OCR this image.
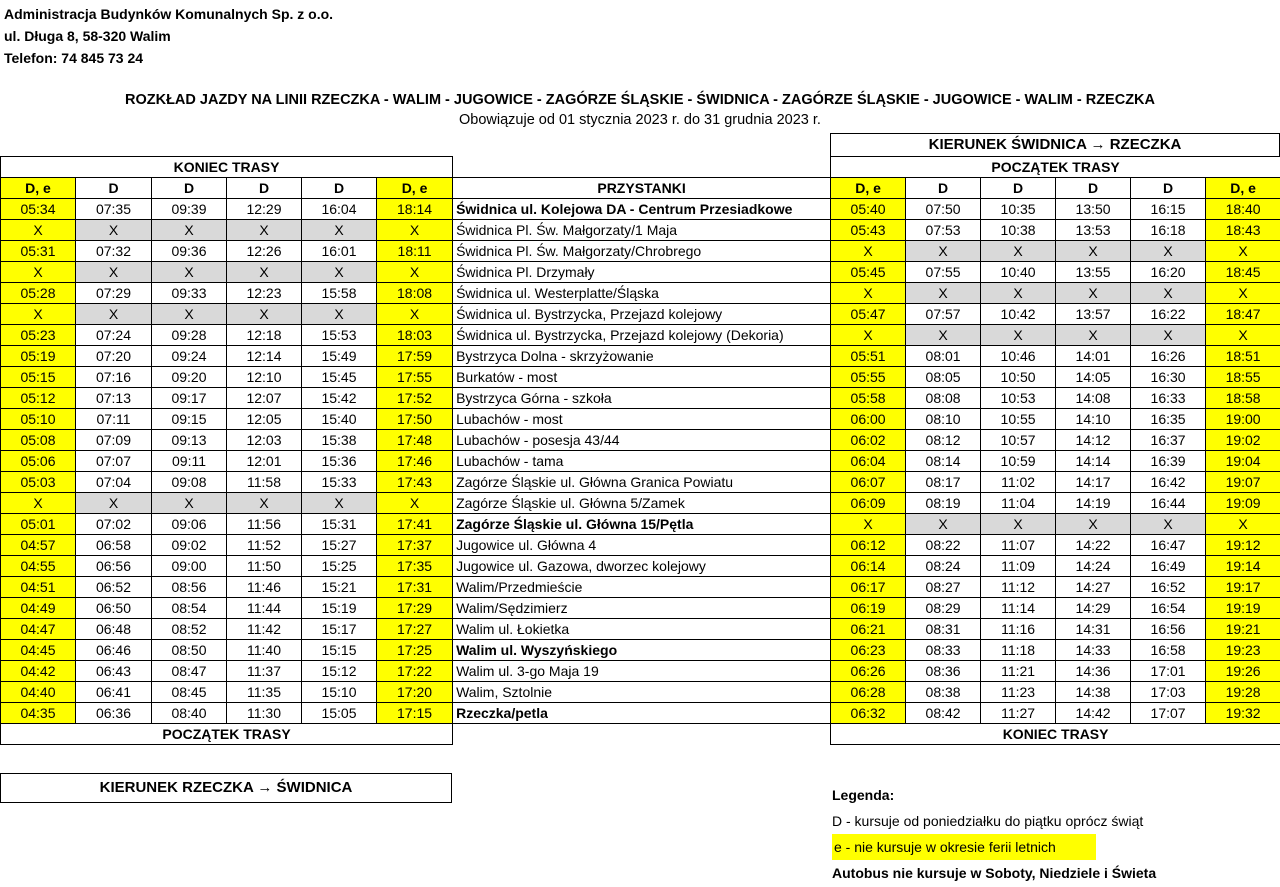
Administracja Budynków Komunalnych Sp. z o.o.
ul. Długa 8, 58-320 Walim
Telefon: 74 845 73 24
ROZKŁAD JAZDY NA LINII RZECZKA - WALIM - JUGOWICE - ZAGÓRZE ŚLĄSKIE - ŚWIDNICA - ZAGÓRZE ŚLĄSKIE - JUGOWICE - WALIM - RZECZKA
Obowiązuje od 01 stycznia 2023 r. do 31 grudnia 2023 r.
KIERUNEK ŚWIDNICA → RZECZKA
KONIEC TRASY							POCZĄTEK TRASY					
D, e	D	D	D	D	D, e	PRZYSTANKI	D, e	D	D	D	D	D, e
05:34	07:35	09:39	12:29	16:04	18:14	Świdnica ul. Kolejowa DA - Centrum Przesiadkowe	05:40	07:50	10:35	13:50	16:15	18:40
X	X	X	X	X	X	Świdnica Pl. Św. Małgorzaty/1 Maja	05:43	07:53	10:38	13:53	16:18	18:43
05:31	07:32	09:36	12:26	16:01	18:11	Świdnica Pl. Św. Małgorzaty/Chrobrego	X	X	X	X	X	X
X	X	X	X	X	X	Świdnica Pl. Drzymały	05:45	07:55	10:40	13:55	16:20	18:45
05:28	07:29	09:33	12:23	15:58	18:08	Świdnica ul. Westerplatte/Śląska	X	X	X	X	X	X
X	X	X	X	X	X	Świdnica ul. Bystrzycka, Przejazd kolejowy	05:47	07:57	10:42	13:57	16:22	18:47
05:23	07:24	09:28	12:18	15:53	18:03	Świdnica ul. Bystrzycka, Przejazd kolejowy (Dekoria)	X	X	X	X	X	X
05:19	07:20	09:24	12:14	15:49	17:59	Bystrzyca Dolna - skrzyżowanie	05:51	08:01	10:46	14:01	16:26	18:51
05:15	07:16	09:20	12:10	15:45	17:55	Burkatów - most	05:55	08:05	10:50	14:05	16:30	18:55
05:12	07:13	09:17	12:07	15:42	17:52	Bystrzyca Górna - szkoła	05:58	08:08	10:53	14:08	16:33	18:58
05:10	07:11	09:15	12:05	15:40	17:50	Lubachów - most	06:00	08:10	10:55	14:10	16:35	19:00
05:08	07:09	09:13	12:03	15:38	17:48	Lubachów - posesja 43/44	06:02	08:12	10:57	14:12	16:37	19:02
05:06	07:07	09:11	12:01	15:36	17:46	Lubachów - tama	06:04	08:14	10:59	14:14	16:39	19:04
05:03	07:04	09:08	11:58	15:33	17:43	Zagórze Śląskie ul. Główna Granica Powiatu	06:07	08:17	11:02	14:17	16:42	19:07
X	X	X	X	X	X	Zagórze Śląskie ul. Główna 5/Zamek	06:09	08:19	11:04	14:19	16:44	19:09
05:01	07:02	09:06	11:56	15:31	17:41	Zagórze Śląskie ul. Główna 15/Pętla	X	X	X	X	X	X
04:57	06:58	09:02	11:52	15:27	17:37	Jugowice ul. Główna 4	06:12	08:22	11:07	14:22	16:47	19:12
04:55	06:56	09:00	11:50	15:25	17:35	Jugowice ul. Gazowa, dworzec kolejowy	06:14	08:24	11:09	14:24	16:49	19:14
04:51	06:52	08:56	11:46	15:21	17:31	Walim/Przedmieście	06:17	08:27	11:12	14:27	16:52	19:17
04:49	06:50	08:54	11:44	15:19	17:29	Walim/Sędzimierz	06:19	08:29	11:14	14:29	16:54	19:19
04:47	06:48	08:52	11:42	15:17	17:27	Walim ul. Łokietka	06:21	08:31	11:16	14:31	16:56	19:21
04:45	06:46	08:50	11:40	15:15	17:25	Walim ul. Wyszyńskiego	06:23	08:33	11:18	14:33	16:58	19:23
04:42	06:43	08:47	11:37	15:12	17:22	Walim ul. 3-go Maja 19	06:26	08:36	11:21	14:36	17:01	19:26
04:40	06:41	08:45	11:35	15:10	17:20	Walim, Sztolnie	06:28	08:38	11:23	14:38	17:03	19:28
04:35	06:36	08:40	11:30	15:05	17:15	Rzeczka/petla	06:32	08:42	11:27	14:42	17:07	19:32
POCZĄTEK TRASY							KONIEC TRASY					
KIERUNEK RZECZKA → ŚWIDNICA	Legenda:
D - kursuje od poniedziałku do piątku oprócz świąt
e - nie kursuje w okresie ferii letnich
Autobus nie kursuje w Soboty, Niedziele i Świeta
